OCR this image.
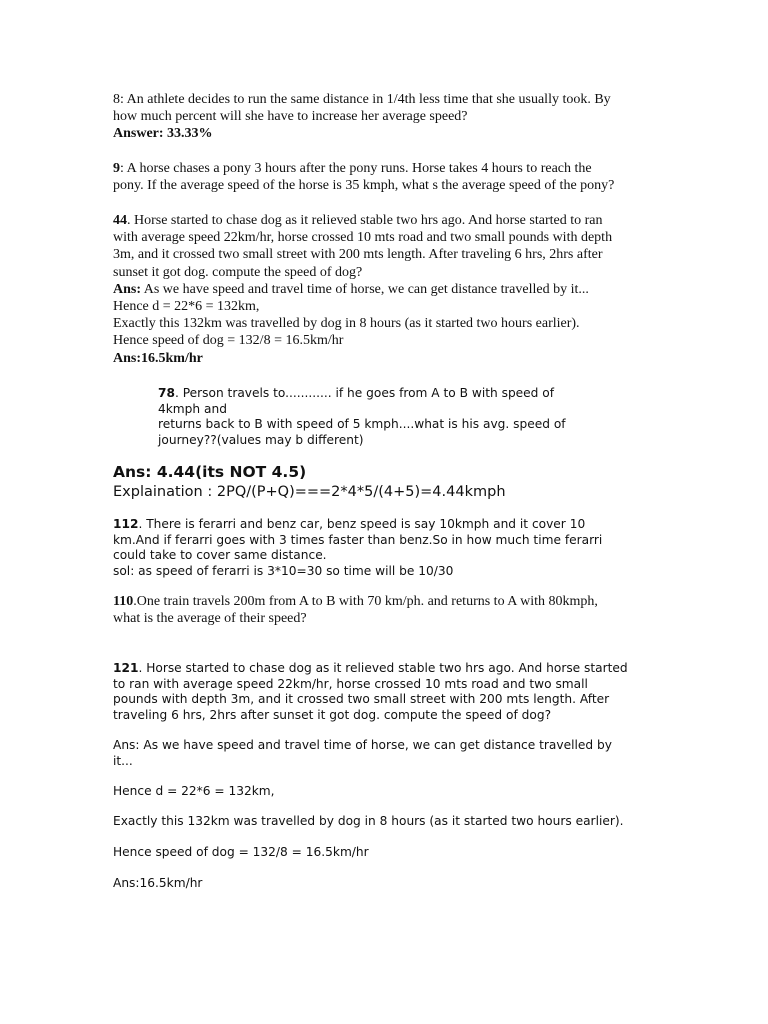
8: An athlete decides to run the same distance in 1/4th less time that she usually took. By
how much percent will she have to increase her average speed?
Answer: 33.33%
9: A horse chases a pony 3 hours after the pony runs. Horse takes 4 hours to reach the
pony. If the average speed of the horse is 35 kmph, what s the average speed of the pony?
44. Horse started to chase dog as it relieved stable two hrs ago. And horse started to ran
with average speed 22km/hr, horse crossed 10 mts road and two small pounds with depth
3m, and it crossed two small street with 200 mts length. After traveling 6 hrs, 2hrs after
sunset it got dog. compute the speed of dog?
Ans: As we have speed and travel time of horse, we can get distance travelled by it...
Hence d = 22*6 = 132km,
Exactly this 132km was travelled by dog in 8 hours (as it started two hours earlier).
Hence speed of dog = 132/8 = 16.5km/hr
Ans:16.5km/hr
78. Person travels to............ if he goes from A to B with speed of
4kmph and
returns back to B with speed of 5 kmph....what is his avg. speed of
journey??(values may b different)
Ans: 4.44(its NOT 4.5)
Explaination : 2PQ/(P+Q)===2*4*5/(4+5)=4.44kmph
112. There is ferarri and benz car, benz speed is say 10kmph and it cover 10
km.And if ferarri goes with 3 times faster than benz.So in how much time ferarri
could take to cover same distance.
sol: as speed of ferarri is 3*10=30 so time will be 10/30
110.One train travels 200m from A to B with 70 km/ph. and returns to A with 80kmph,
what is the average of their speed?
121. Horse started to chase dog as it relieved stable two hrs ago. And horse started
to ran with average speed 22km/hr, horse crossed 10 mts road and two small
pounds with depth 3m, and it crossed two small street with 200 mts length. After
traveling 6 hrs, 2hrs after sunset it got dog. compute the speed of dog?
Ans: As we have speed and travel time of horse, we can get distance travelled by
it...
Hence d = 22*6 = 132km,
Exactly this 132km was travelled by dog in 8 hours (as it started two hours earlier).
Hence speed of dog = 132/8 = 16.5km/hr
Ans:16.5km/hr
